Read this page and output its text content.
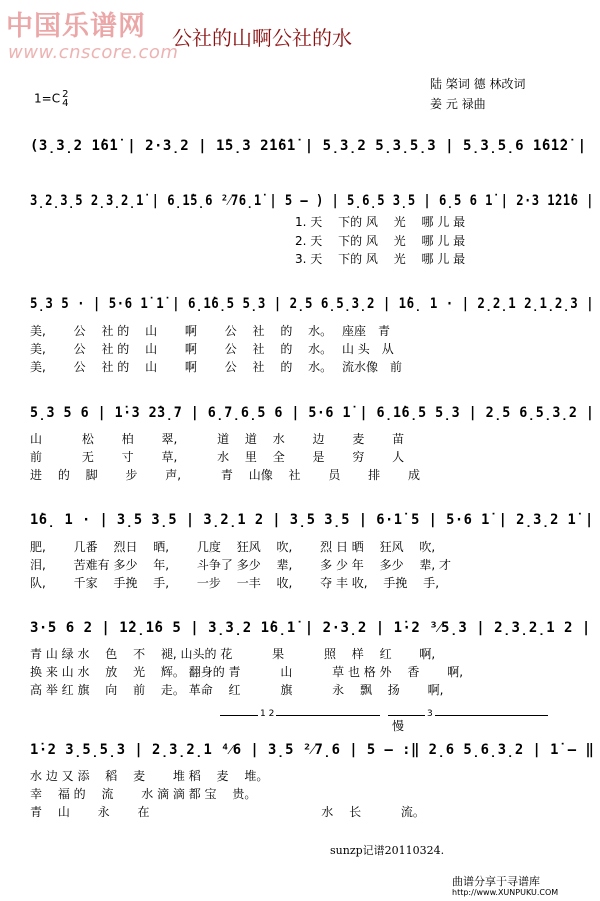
中国乐谱网
www.cnscore.com
公社的山啊公社的水
陆 棨词 德 林改词
姜 元 禄曲
1=C 2
4
(3̣3̣2 1̇6̇1̇ | 2·3̣2 | 1̇5̣3 2̇1̇6̇1̇ | 5̣3̣2 5̣3̣5̣3 | 5̣3̣5̣6 1̇6̇1̇2̇ |
3̣2̣3̣5 2̣3̣2̣1̇ | 6̣1̇5̣6 ²⁄76̣1̇ | 5 – ) | 5̣6̣5 3̣5 | 6̣5 6 1̇ | 2·3 1̇2̇1̇6 |
1. 天　 下的 风　 光　 哪 儿 最
2. 天　 下的 风　 光　 哪 儿 最
3. 天　 下的 风　 光　 哪 儿 最
5̣3 5 · | 5·6 1̇ 1̇ | 6̣1̇6̣5 5̣3 | 2̣5 6̣5̣3̣2 | 1̇6̣ 1 · | 2̣2̣1 2̣1̣2̣3 |
美,　　 公　 社 的　 山　　 啊　　 公　 社　 的　 水。　 座座　青
美,　　 公　 社 的　 山　　 啊　　 公　 社　 的　 水。　 山 头　从
美,　　 公　 社 的　 山　　 啊　　 公　 社　 的　 水。　 流水像　前
5̣3 5 6 | 1̇·3 2̇3̣7 | 6̣7̣6̣5 6 | 5·6 1̇ | 6̣1̇6̣5 5̣3 | 2̣5 6̣5̣3̣2 |
山　　　 松　　 柏　　 翠,　　　 道　 道　 水　　 边　　 麦　　 苗
前　　　 无　　 寸　　 草,　　　 水　 里　 全　　 是　　 穷　　 人
进　 的　 脚　　 步　　 声,　　　 青　 山像　 社　　 员　　 排　　 成
1̇6̣ 1 · | 3̣5 3̣5 | 3̣2̣1 2 | 3̣5 3̣5 | 6·1̇ 5 | 5·6 1̇ | 2̣3̣2 1̇ |
肥,　　 几番　 烈日　 晒,　　 几度　 狂风　 吹,　　 烈 日 晒　 狂风　 吹,
泪,　　 苦难有 多少　 年,　　 斗争了 多少　 辈,　　 多 少 年　 多少　 辈, 才
队,　　 千家　 手挽　 手,　　 一步　 一丰　 收,　　 夺 丰 收,　 手挽　 手,
3·5 6 2 | 1̇2̣1̇6 5 | 3̣3̣2 1̇6̣1̇ | 2·3̣2 | 1̇·2 ³⁄5̣3 | 2̣3̣2̣1 2 |
青 山 绿 水　 色　 不　 褪, 山头的 花　　　 果　　　 照　 样　 红　　 啊,
换 来 山 水　 放　 光　 辉。 翻身的 青　　　 山　　　 草 也 格 外　 香　　 啊,
高 举 红 旗　 向　 前　 走。 革命　 红　　　 旗　　　 永　 飘　 扬　　 啊,
1 2	3
慢
1̇·2 3̣5̣5̣3 | 2̣3̣2̣1 ⁴⁄6 | 3̣5 ²⁄7̣6 | 5 – :‖ 2̣6 5̣6̣3̣2 | 1̇ – ‖
水 边 又 添　 稻　 麦　　 堆 稻　 麦　 堆。
幸　 福 的　 流　　 水 滴 滴 都 宝　 贵。
青　 山　　 永　　 在　　　　　　　　　　　　　　 水　 长　　　 流。
sunzp记谱20110324.
曲谱分享于寻谱库
http://www.XUNPUKU.COM
